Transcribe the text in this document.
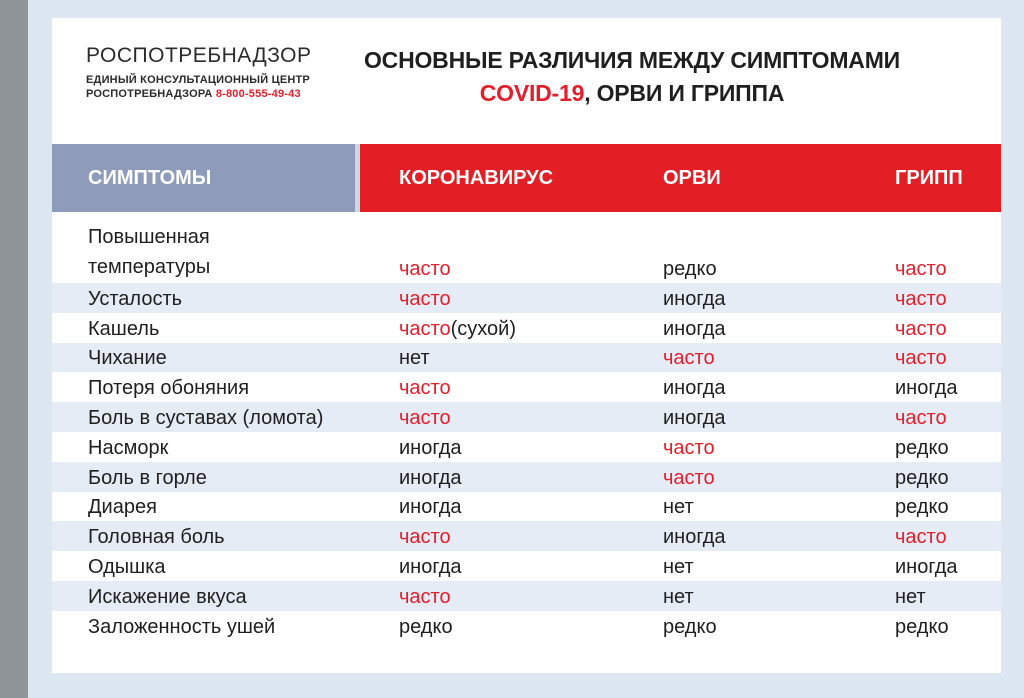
РОСПОТРЕБНАДЗОР
ЕДИНЫЙ КОНСУЛЬТАЦИОННЫЙ ЦЕНТР
РОСПОТРЕБНАДЗОРА 8-800-555-49-43
ОСНОВНЫЕ РАЗЛИЧИЯ МЕЖДУ СИМПТОМАМИ
COVID-19, ОРВИ И ГРИППА
СИМПТОМЫ	КОРОНАВИРУС	ОРВИ	ГРИПП
Повышенная
температуры	часто	редко	часто
Усталость	часто	иногда	часто
Кашель	часто(сухой)	иногда	часто
Чихание	нет	часто	часто
Потеря обоняния	часто	иногда	иногда
Боль в суставах (ломота)	часто	иногда	часто
Насморк	иногда	часто	редко
Боль в горле	иногда	часто	редко
Диарея	иногда	нет	редко
Головная боль	часто	иногда	часто
Одышка	иногда	нет	иногда
Искажение вкуса	часто	нет	нет
Заложенность ушей	редко	редко	редко
